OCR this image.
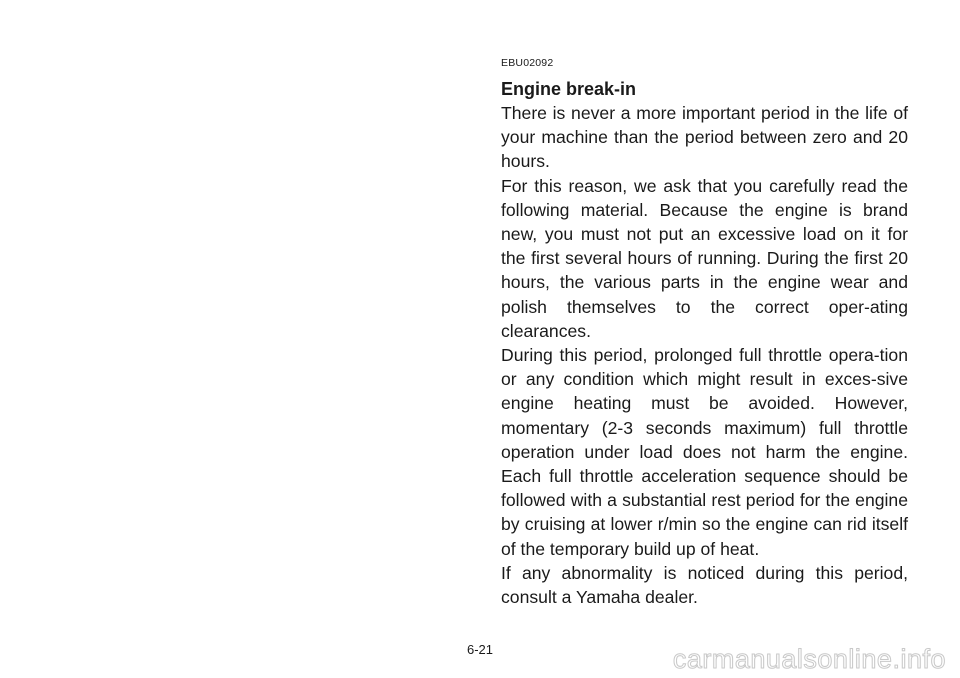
EBU02092
Engine break-in

There is never a more important period in the life of your machine than the period between zero and 20 hours.

For this reason, we ask that you carefully read the following material. Because the engine is brand new, you must not put an excessive load on it for the first several hours of running. During the first 20 hours, the various parts in the engine wear and polish themselves to the correct oper-ating clearances.

During this period, prolonged full throttle opera-tion or any condition which might result in exces-sive engine heating must be avoided. However, momentary (2-3 seconds maximum) full throttle operation under load does not harm the engine. Each full throttle acceleration sequence should be followed with a substantial rest period for the engine by cruising at lower r/min so the engine can rid itself of the temporary build up of heat.

If any abnormality is noticed during this period, consult a Yamaha dealer.

6-21	carmanualsonline.info
